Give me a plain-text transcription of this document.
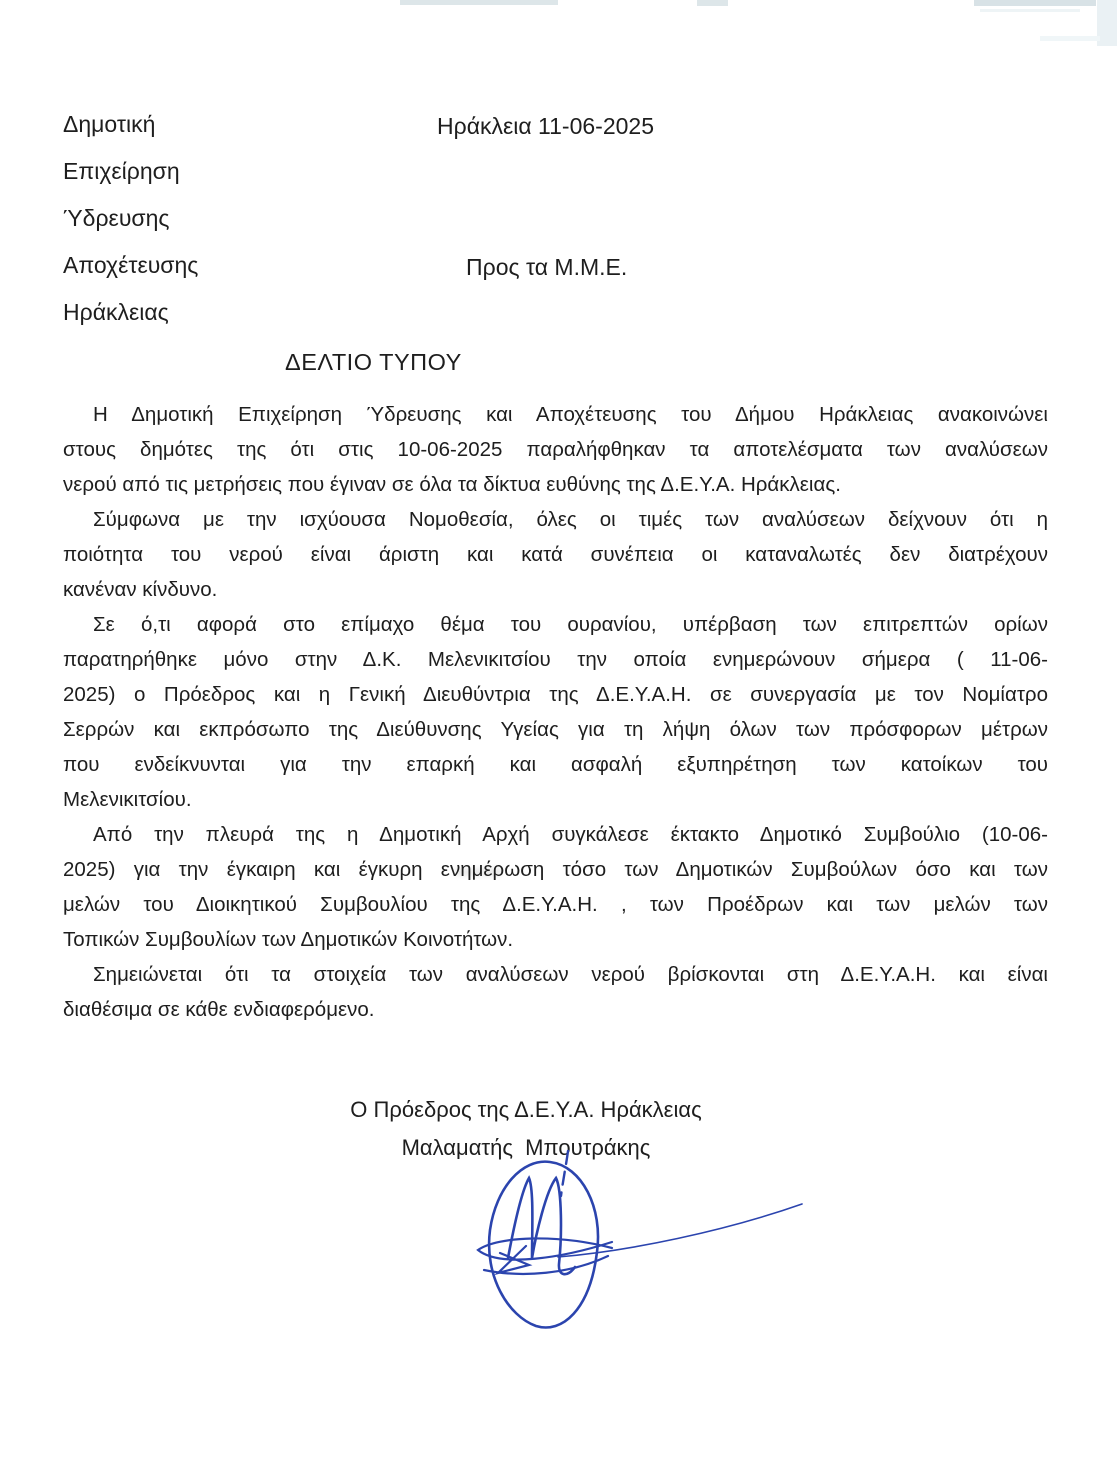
Δημοτική
Επιχείρηση
Ύδρευσης
Αποχέτευσης
Ηράκλειας
Ηράκλεια 11-06-2025
Προς τα Μ.Μ.Ε.
ΔΕΛΤΙΟ ΤΥΠΟΥ
Η Δημοτική Επιχείρηση Ύδρευσης και Αποχέτευσης του Δήμου Ηράκλειας ανακοινώνει
στους δημότες της ότι στις 10-06-2025 παραλήφθηκαν τα αποτελέσματα των αναλύσεων
νερού από τις μετρήσεις που έγιναν σε όλα τα δίκτυα ευθύνης της Δ.Ε.Υ.Α. Ηράκλειας.
Σύμφωνα με την ισχύουσα Νομοθεσία, όλες οι τιμές των αναλύσεων δείχνουν ότι η
ποιότητα του νερού είναι άριστη και κατά συνέπεια οι καταναλωτές δεν διατρέχουν
κανέναν κίνδυνο.
Σε ό,τι αφορά στο επίμαχο θέμα του ουρανίου, υπέρβαση των επιτρεπτών ορίων
παρατηρήθηκε μόνο στην Δ.Κ. Μελενικιτσίου την οποία ενημερώνουν σήμερα ( 11-06-
2025) ο Πρόεδρος και η Γενική Διευθύντρια της Δ.Ε.Υ.Α.Η. σε συνεργασία με τον Νομίατρο
Σερρών και εκπρόσωπο της Διεύθυνσης Υγείας για τη λήψη όλων των πρόσφορων μέτρων
που ενδείκνυνται για την επαρκή και ασφαλή εξυπηρέτηση των κατοίκων του
Μελενικιτσίου.
Από την πλευρά της η Δημοτική Αρχή συγκάλεσε έκτακτο Δημοτικό Συμβούλιο (10-06-
2025) για την έγκαιρη και έγκυρη ενημέρωση τόσο των Δημοτικών Συμβούλων όσο και των
μελών του Διοικητικού Συμβουλίου της Δ.Ε.Υ.Α.Η. , των Προέδρων και των μελών των
Τοπικών Συμβουλίων των Δημοτικών Κοινοτήτων.
Σημειώνεται ότι τα στοιχεία των αναλύσεων νερού βρίσκονται στη Δ.Ε.Υ.Α.Η. και είναι
διαθέσιμα σε κάθε ενδιαφερόμενο.
Ο Πρόεδρος της Δ.Ε.Υ.Α. Ηράκλειας
Μαλαματής  Μπουτράκης
